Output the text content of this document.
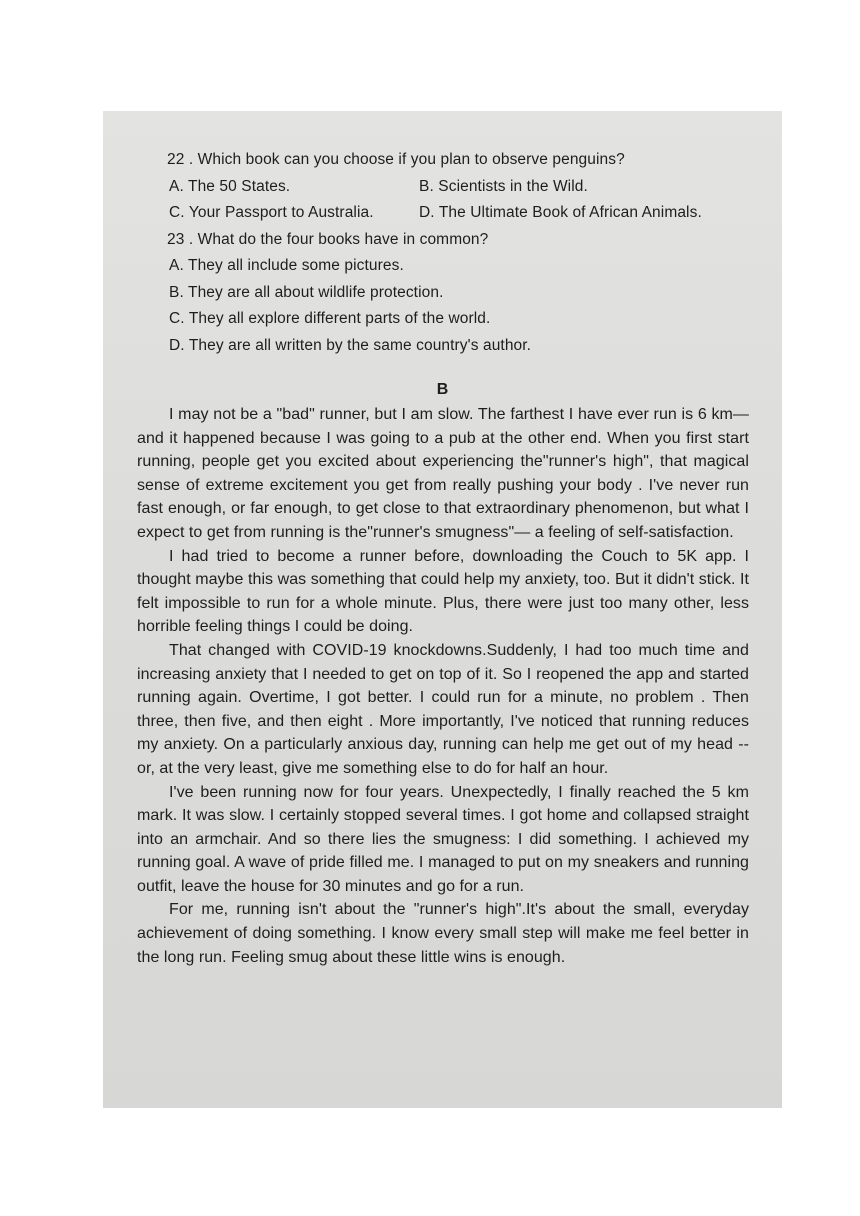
22 . Which book can you choose if you plan to observe penguins?
A. The 50 States.	B. Scientists in the Wild.
C. Your Passport to Australia.	D. The Ultimate Book of African Animals.
23 . What do the four books have in common?
A. They all include some pictures.
B. They are all about wildlife protection.
C. They all explore different parts of the world.
D. They are all written by the same country's author.
B

I may not be a "bad" runner, but I am slow. The farthest I have ever run is 6 km— and it happened because I was going to a pub at the other end. When you first start running, people get you excited about experiencing the"runner's high", that magical sense of extreme excitement you get from really pushing your body . I've never run fast enough, or far enough, to get close to that extraordinary phenomenon, but what I expect to get from running is the"runner's smugness"— a feeling of self-satisfaction.

I had tried to become a runner before, downloading the Couch to 5K app. I thought maybe this was something that could help my anxiety, too. But it didn't stick. It felt impossible to run for a whole minute. Plus, there were just too many other, less horrible feeling things I could be doing.

That changed with COVID-19 knockdowns.Suddenly, I had too much time and increasing anxiety that I needed to get on top of it. So I reopened the app and started running again. Overtime, I got better. I could run for a minute, no problem . Then three, then five, and then eight . More importantly, I've noticed that running reduces my anxiety. On a particularly anxious day, running can help me get out of my head --or, at the very least, give me something else to do for half an hour.

I've been running now for four years. Unexpectedly, I finally reached the 5 km mark. It was slow. I certainly stopped several times. I got home and collapsed straight into an armchair. And so there lies the smugness: I did something. I achieved my running goal. A wave of pride filled me. I managed to put on my sneakers and running outfit, leave the house for 30 minutes and go for a run.

For me, running isn't about the "runner's high".It's about the small, everyday achievement of doing something. I know every small step will make me feel better in the long run. Feeling smug about these little wins is enough.
